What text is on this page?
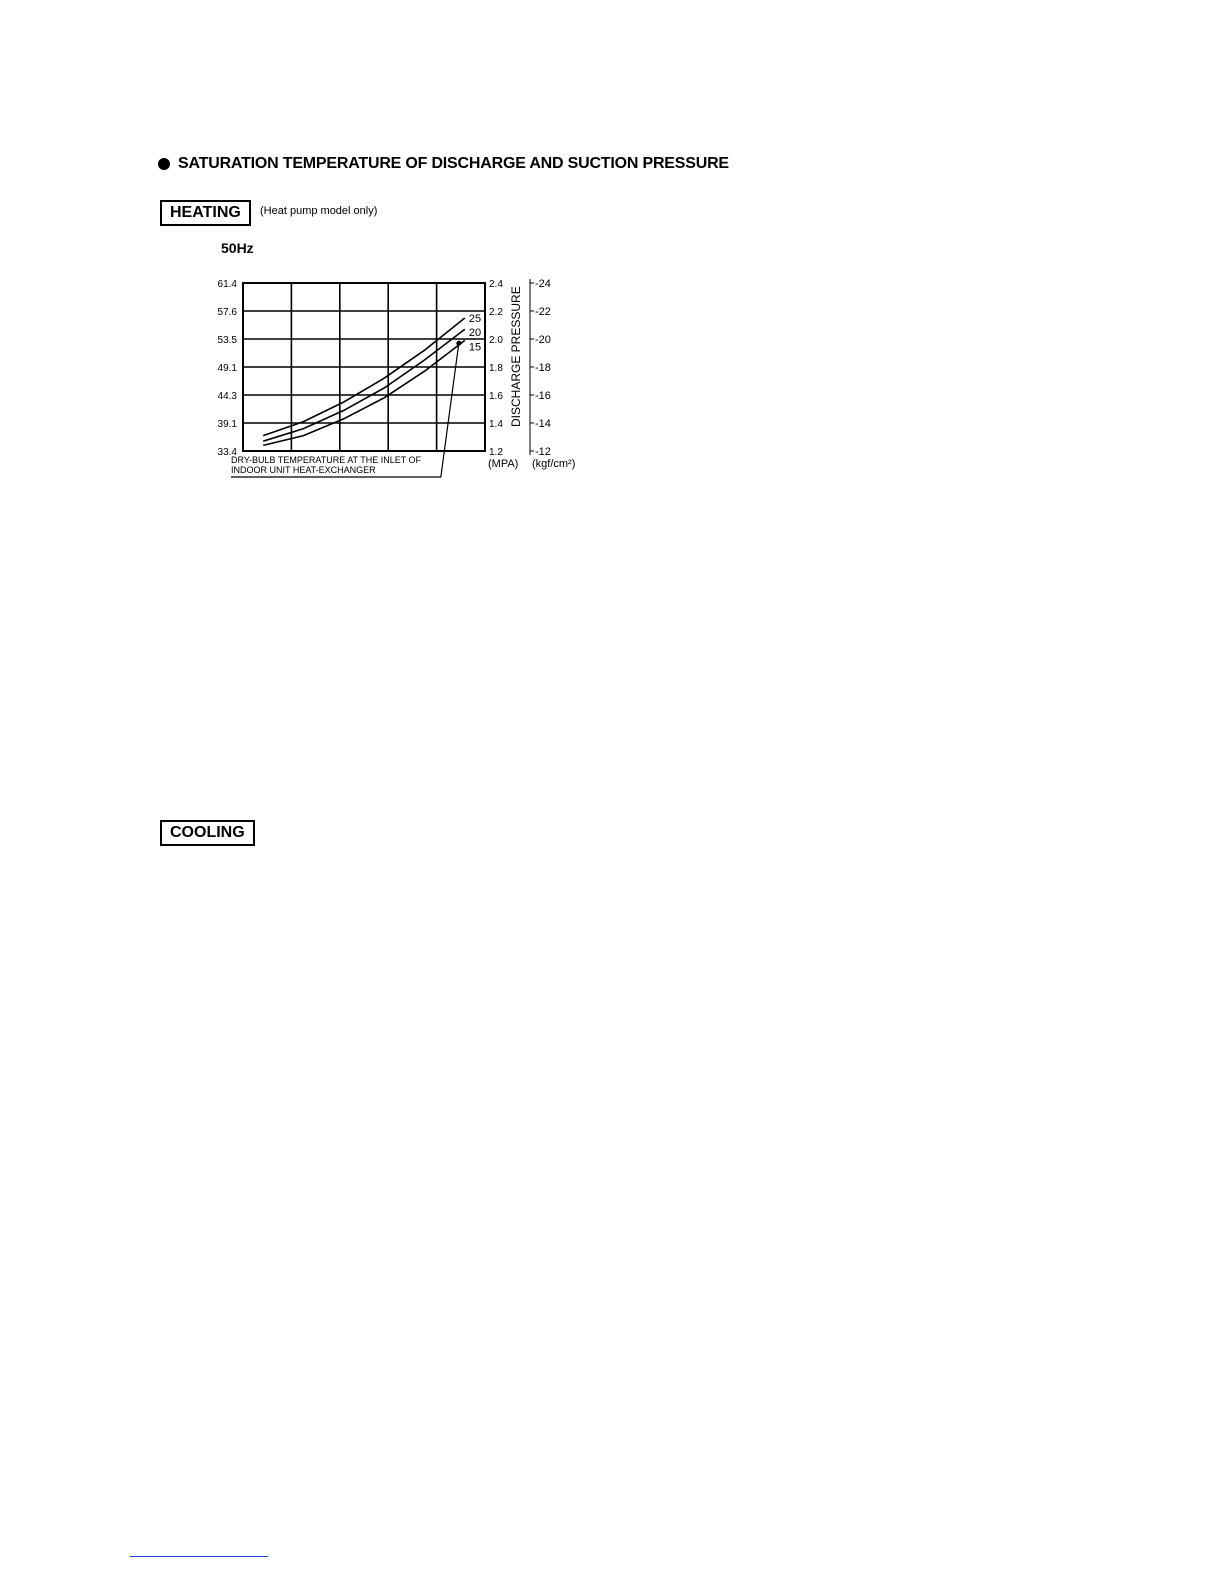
SATURATION TEMPERATURE OF DISCHARGE AND SUCTION PRESSURE
HEATING	(Heat pump model only)
COOLING
50Hz
61.4
57.6
53.5
49.1
44.3
39.1
33.4
2.4
2.2
2.0
1.8
1.6
1.4
1.2
-24
-22
-20
-18
-16
-14
-12
DISCHARGE PRESSURE
(MPA) (kgf/cm²)
25
20
15
DRY-BULB TEMPERATURE AT THE INLET OF
INDOOR UNIT HEAT-EXCHANGER
